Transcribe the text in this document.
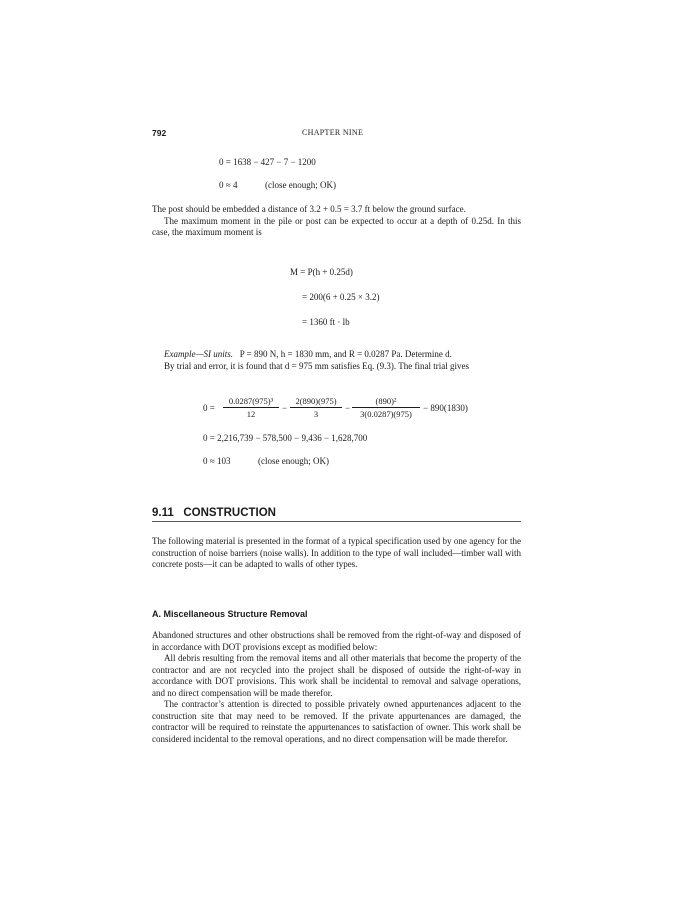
792	CHAPTER NINE
0 = 1638 − 427 − 7 − 1200
0 ≈ 4	(close enough; OK)

The post should be embedded a distance of 3.2 + 0.5 = 3.7 ft below the ground surface.

The maximum moment in the pile or post can be expected to occur at a depth of 0.25d. In this case, the maximum moment is

M = P(h + 0.25d)
= 200(6 + 0.25 × 3.2)
= 1360 ft · lb

Example—SI units. P = 890 N, h = 1830 mm, and R = 0.0287 Pa. Determine d.

By trial and error, it is found that d = 975 mm satisfies Eq. (9.3). The final trial gives

$0 = \frac{\text{0.0287(975)³}}{12} - \frac{2(890)(975)}{3} - \frac{\text{(890)²}}{3(0.0287)(975)} - 890(1830)$
0 = 2,216,739 − 578,500 − 9,436 − 1,628,700
0 ≈ 103	(close enough; OK)
9.11   CONSTRUCTION

The following material is presented in the format of a typical specification used by one agency for the construction of noise barriers (noise walls). In addition to the type of wall included—timber wall with concrete posts—it can be adapted to walls of other types.

A. Miscellaneous Structure Removal

Abandoned structures and other obstructions shall be removed from the right-of-way and disposed of in accordance with DOT provisions except as modified below:

All debris resulting from the removal items and all other materials that become the property of the contractor and are not recycled into the project shall be disposed of outside the right-of-way in accordance with DOT provisions. This work shall be incidental to removal and salvage operations, and no direct compensation will be made therefor.

The contractor’s attention is directed to possible privately owned appurtenances adjacent to the construction site that may need to be removed. If the private appurtenances are damaged, the contractor will be required to reinstate the appurtenances to satisfaction of owner. This work shall be considered incidental to the removal operations, and no direct compensation will be made therefor.
